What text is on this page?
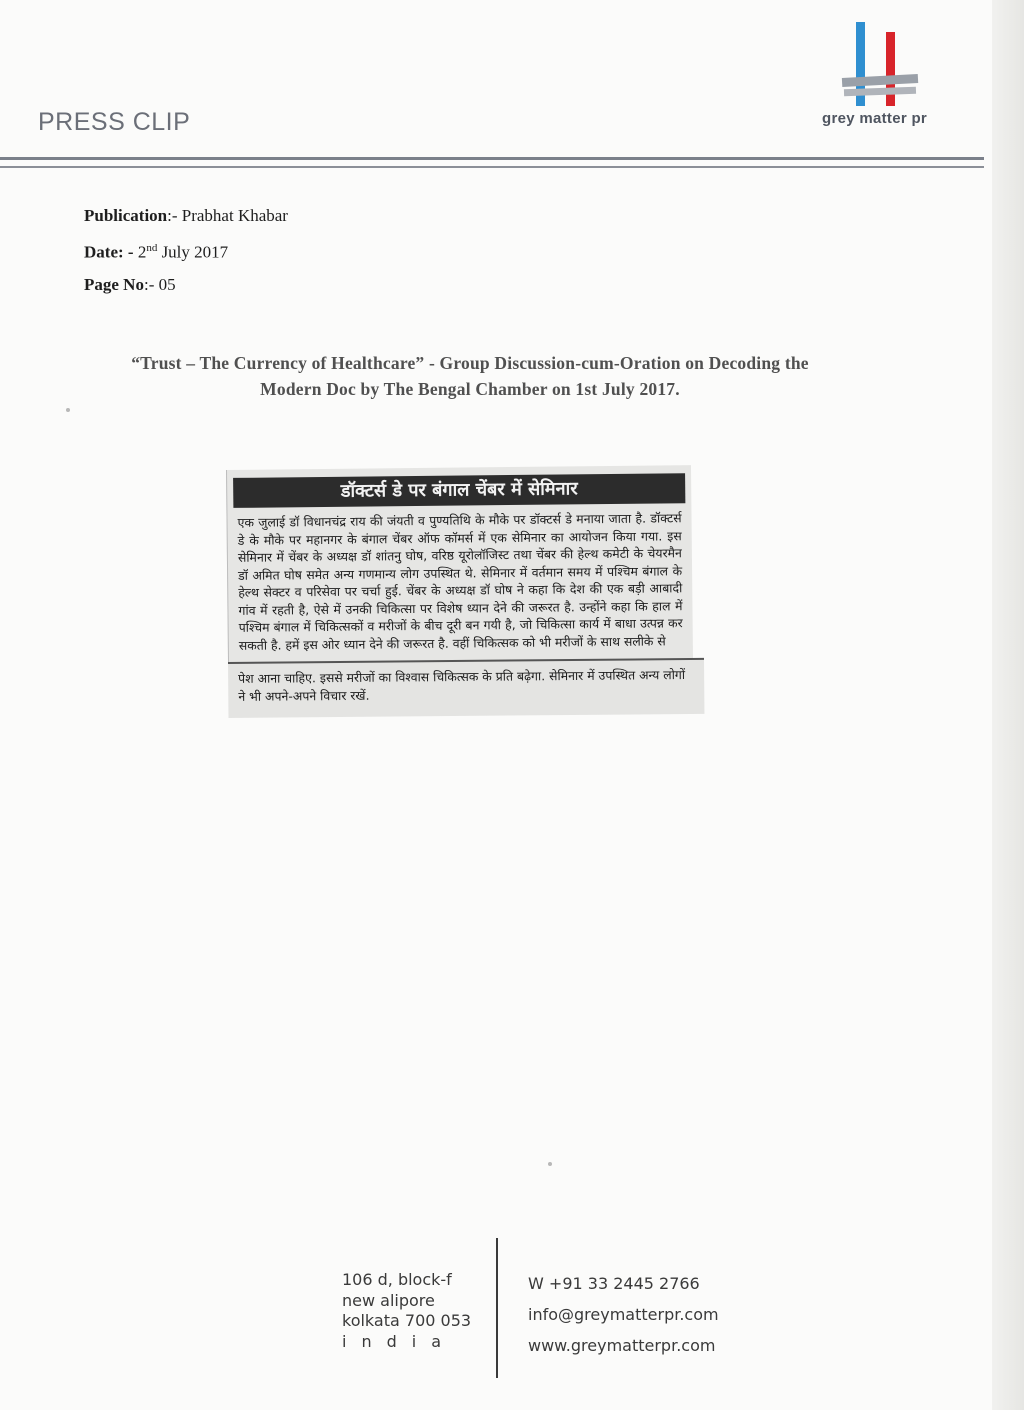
PRESS CLIP	grey matter pr
Publication:- Prabhat Khabar
Date: - 2nd July 2017
Page No:- 05
“Trust – The Currency of Healthcare” - Group Discussion-cum-Oration on Decoding the
Modern Doc by The Bengal Chamber on 1st July 2017.
डॉक्टर्स डे पर बंगाल चेंबर में सेमिनार
एक जुलाई डॉ विधानचंद्र राय की जंयती व पुण्यतिथि के मौके पर डॉक्टर्स डे मनाया जाता है. डॉक्टर्स डे के मौके पर महानगर के बंगाल चेंबर ऑफ कॉमर्स में एक सेमिनार का आयोजन किया गया. इस सेमिनार में चेंबर के अध्यक्ष डॉ शांतनु घोष, वरिष्ठ यूरोलॉजिस्ट तथा चेंबर की हेल्थ कमेटी के चेयरमैन डॉ अमित घोष समेत अन्य गणमान्य लोग उपस्थित थे. सेमिनार में वर्तमान समय में पश्चिम बंगाल के हेल्थ सेक्टर व परिसेवा पर चर्चा हुई. चेंबर के अध्यक्ष डॉ घोष ने कहा कि देश की एक बड़ी आबादी गांव में रहती है, ऐसे में उनकी चिकित्सा पर विशेष ध्यान देने की जरूरत है. उन्होंने कहा कि हाल में पश्चिम बंगाल में चिकित्सकों व मरीजों के बीच दूरी बन गयी है, जो चिकित्सा कार्य में बाधा उत्पन्न कर सकती है. हमें इस ओर ध्यान देने की जरूरत है. वहीं चिकित्सक को भी मरीजों के साथ सलीके से
पेश आना चाहिए. इससे मरीजों का विश्वास चिकित्सक के प्रति बढ़ेगा. सेमिनार में उपस्थित अन्य लोगों ने भी अपने-अपने विचार रखें.
106 d, block-f
new alipore
kolkata 700 053
india
W +91 33 2445 2766
info@greymatterpr.com
www.greymatterpr.com
